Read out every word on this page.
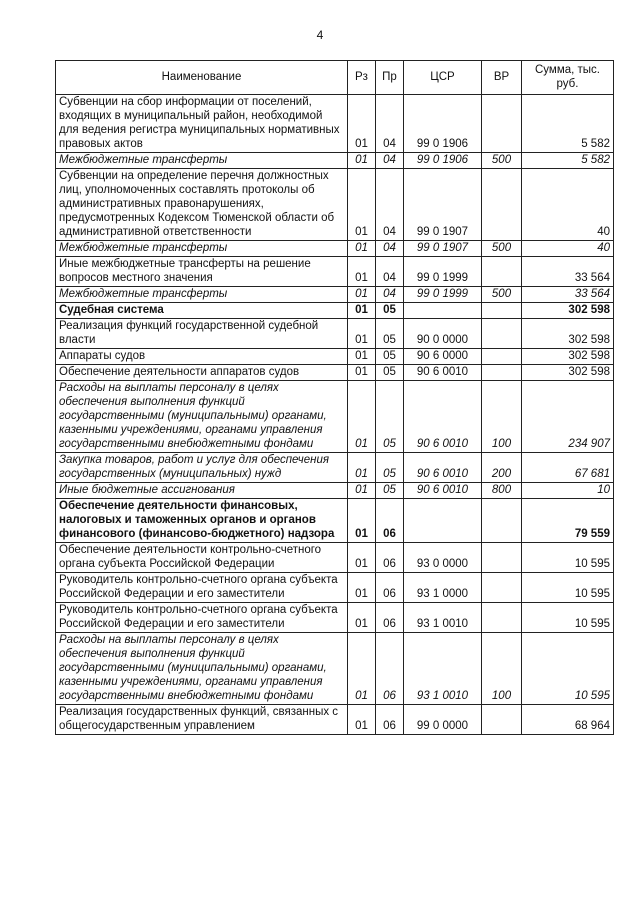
4
Наименование	Рз	Пр	ЦСР	ВР	Сумма, тыс. руб.
Субвенции на сбор информации от поселений, входящих в муниципальный район, необходимой для ведения регистра муниципальных нормативных правовых актов	01	04	99 0 1906		5 582
Межбюджетные трансферты	01	04	99 0 1906	500	5 582
Субвенции на определение перечня должностных лиц, уполномоченных составлять протоколы об административных правонарушениях, предусмотренных Кодексом Тюменской области об административной ответственности	01	04	99 0 1907		40
Межбюджетные трансферты	01	04	99 0 1907	500	40
Иные межбюджетные трансферты на решение вопросов местного значения	01	04	99 0 1999		33 564
Межбюджетные трансферты	01	04	99 0 1999	500	33 564
Судебная система	01	05			302 598
Реализация функций государственной судебной власти	01	05	90 0 0000		302 598
Аппараты судов	01	05	90 6 0000		302 598
Обеспечение деятельности аппаратов судов	01	05	90 6 0010		302 598
Расходы на выплаты персоналу в целях обеспечения выполнения функций государственными (муниципальными) органами, казенными учреждениями, органами управления государственными внебюджетными фондами	01	05	90 6 0010	100	234 907
Закупка товаров, работ и услуг для обеспечения государственных (муниципальных) нужд	01	05	90 6 0010	200	67 681
Иные бюджетные ассигнования	01	05	90 6 0010	800	10
Обеспечение деятельности финансовых, налоговых и таможенных органов и органов финансового (финансово-бюджетного) надзора	01	06			79 559
Обеспечение деятельности контрольно-счетного органа субъекта Российской Федерации	01	06	93 0 0000		10 595
Руководитель контрольно-счетного органа субъекта Российской Федерации и его заместители	01	06	93 1 0000		10 595
Руководитель контрольно-счетного органа субъекта Российской Федерации и его заместители	01	06	93 1 0010		10 595
Расходы на выплаты персоналу в целях обеспечения выполнения функций государственными (муниципальными) органами, казенными учреждениями, органами управления государственными внебюджетными фондами	01	06	93 1 0010	100	10 595
Реализация государственных функций, связанных с общегосударственным управлением	01	06	99 0 0000		68 964
